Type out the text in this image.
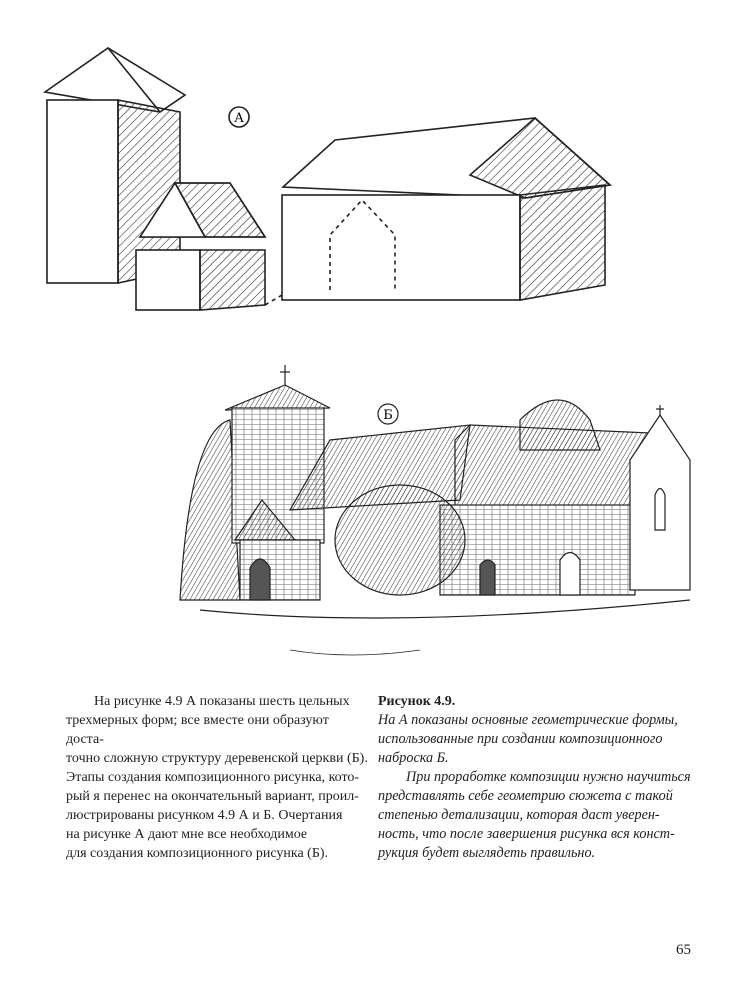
А
Б
На рисунке 4.9 А показаны шесть цельных
трехмерных форм; все вместе они образуют доста-
точно сложную структуру деревенской церкви (Б).
Этапы создания композиционного рисунка, кото-
рый я перенес на окончательный вариант, проил-
люстрированы рисунком 4.9 А и Б. Очертания
на рисунке А дают мне все необходимое
для создания композиционного рисунка (Б).
Рисунок 4.9.
На А показаны основные геометрические формы,
использованные при создании композиционного
наброска Б.
При проработке композиции нужно научиться
представлять себе геометрию сюжета с такой
степенью детализации, которая даст уверен-
ность, что после завершения рисунка вся конст-
рукция будет выглядеть правильно.
65
